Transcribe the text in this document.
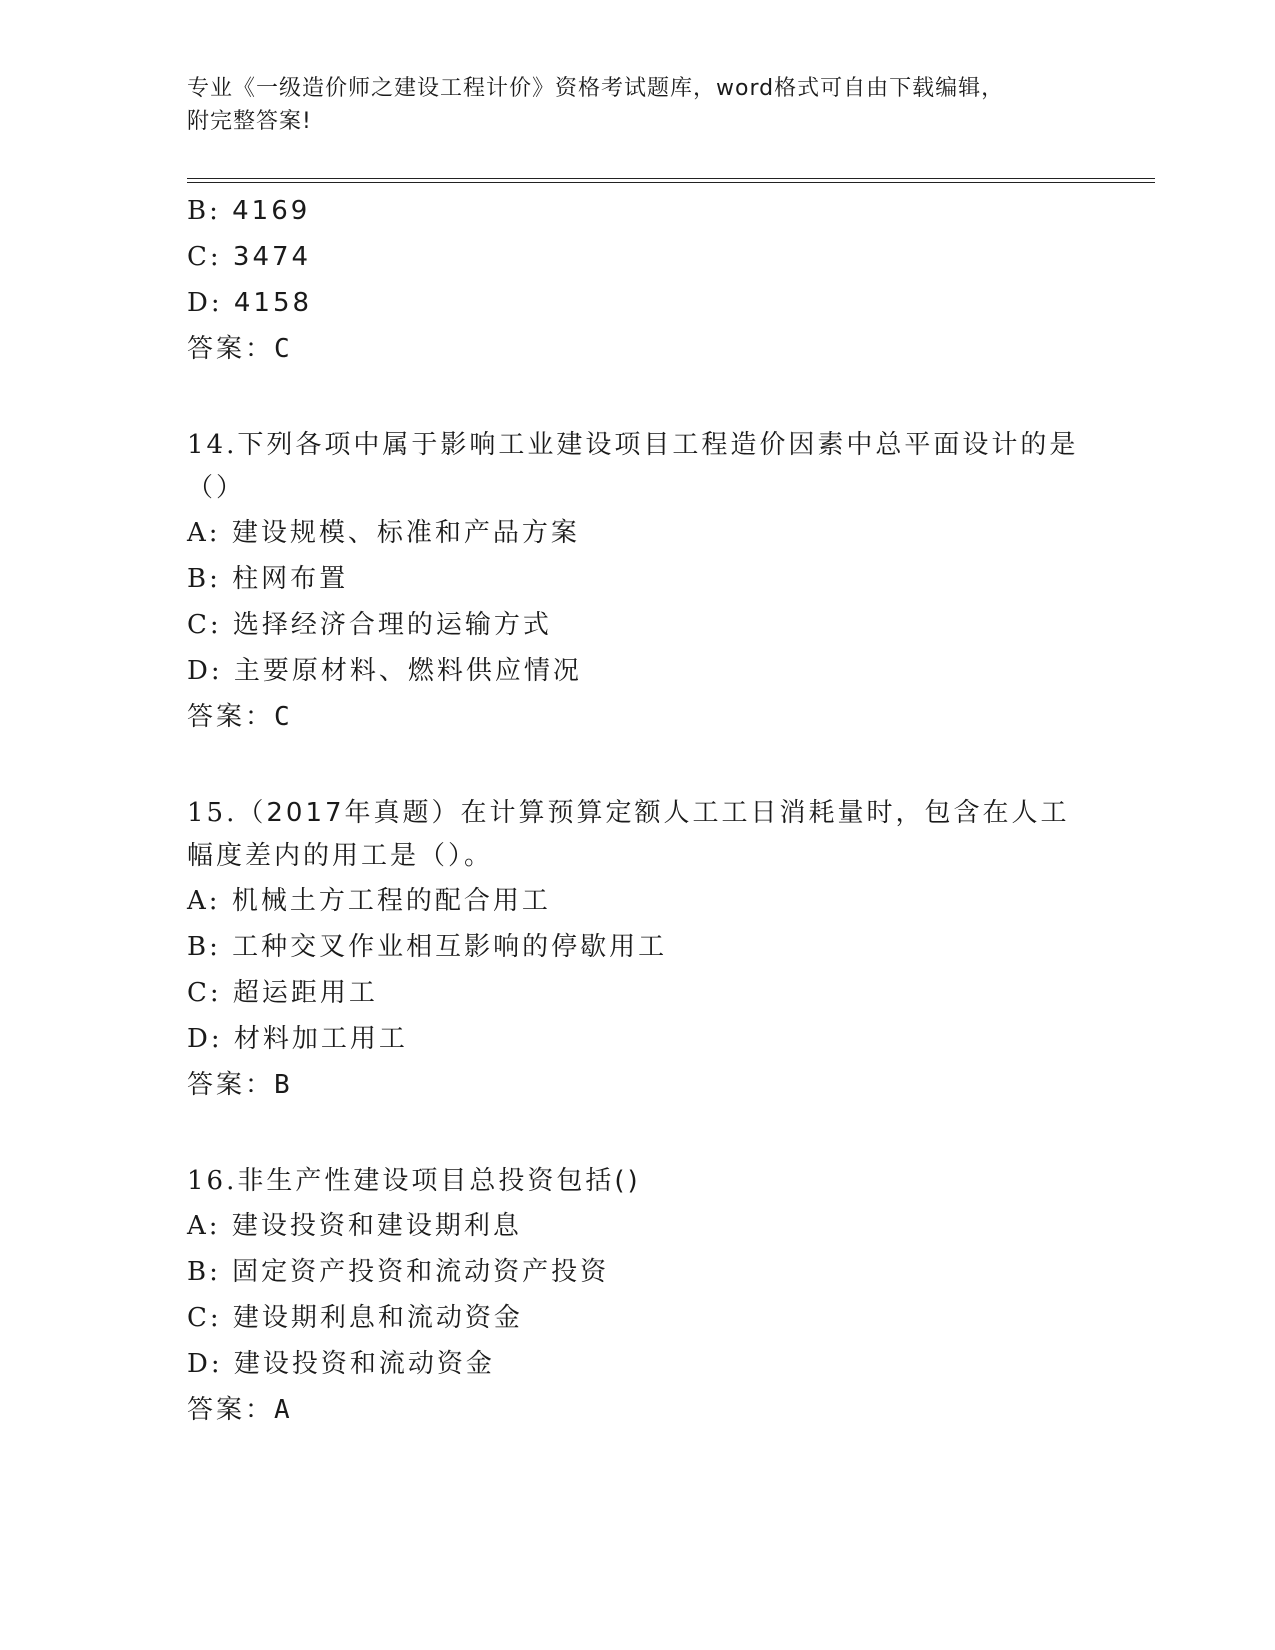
专业《一级造价师之建设工程计价》资格考试题库，word格式可自由下载编辑，
附完整答案!
B: 4169
C: 3474
D: 4158
答案：C
14.下列各项中属于影响工业建设项目工程造价因素中总平面设计的是（）
A: 建设规模、标准和产品方案
B: 柱网布置
C: 选择经济合理的运输方式
D: 主要原材料、燃料供应情况
答案：C
15.（2017年真题）在计算预算定额人工工日消耗量时，包含在人工幅度差内的用工是（）。
A: 机械土方工程的配合用工
B: 工种交叉作业相互影响的停歇用工
C: 超运距用工
D: 材料加工用工
答案：B
16.非生产性建设项目总投资包括()
A: 建设投资和建设期利息
B: 固定资产投资和流动资产投资
C: 建设期利息和流动资金
D: 建设投资和流动资金
答案：A
